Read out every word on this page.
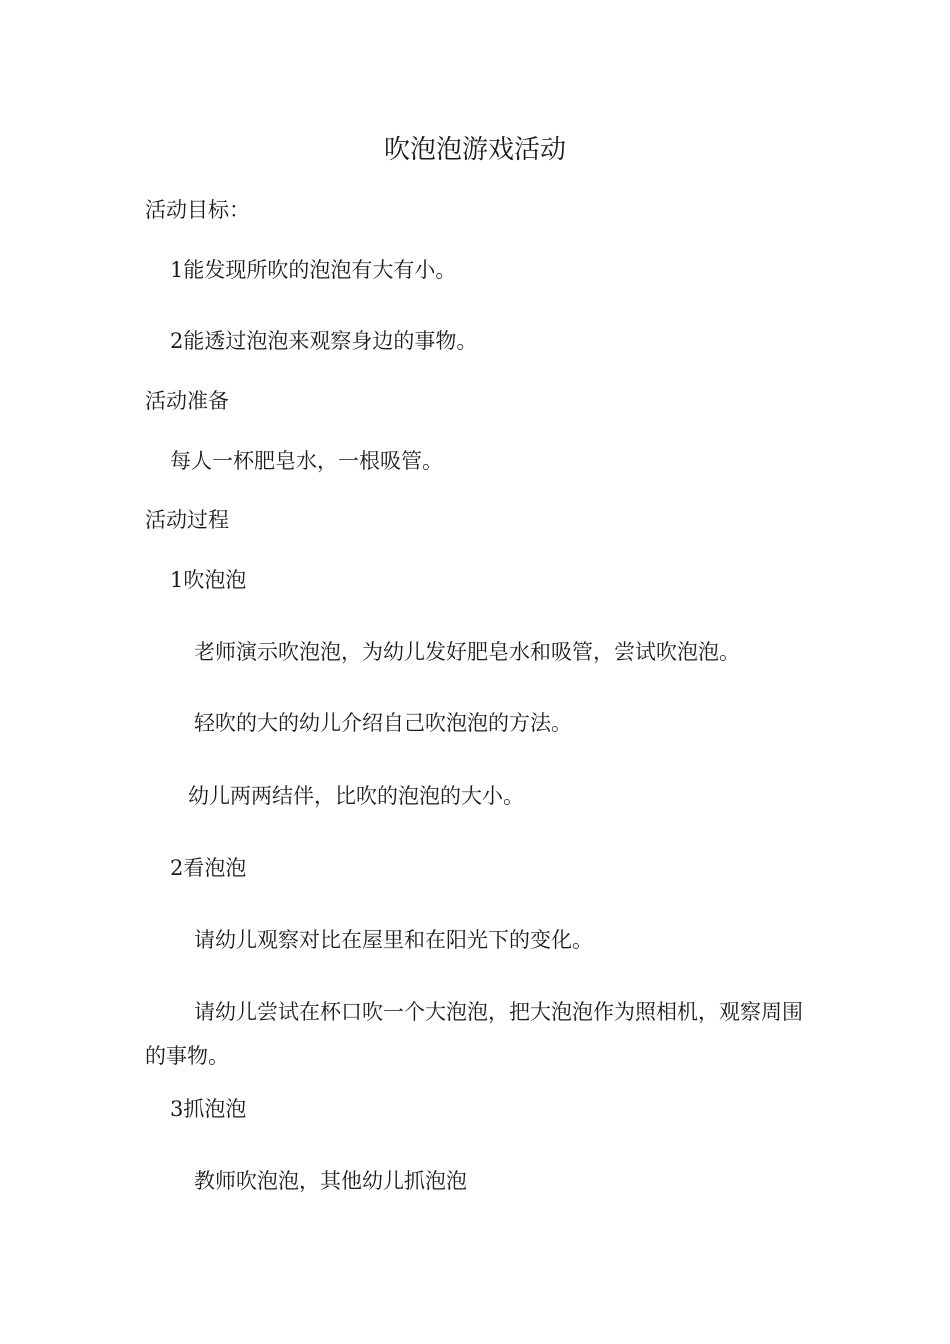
吹泡泡游戏活动
活动目标：
1能发现所吹的泡泡有大有小。
2能透过泡泡来观察身边的事物。
活动准备
每人一杯肥皂水，一根吸管。
活动过程
1吹泡泡
老师演示吹泡泡，为幼儿发好肥皂水和吸管，尝试吹泡泡。
轻吹的大的幼儿介绍自己吹泡泡的方法。
幼儿两两结伴，比吹的泡泡的大小。
2看泡泡
请幼儿观察对比在屋里和在阳光下的变化。
请幼儿尝试在杯口吹一个大泡泡，把大泡泡作为照相机，观察周围的事物。
3抓泡泡
教师吹泡泡，其他幼儿抓泡泡
